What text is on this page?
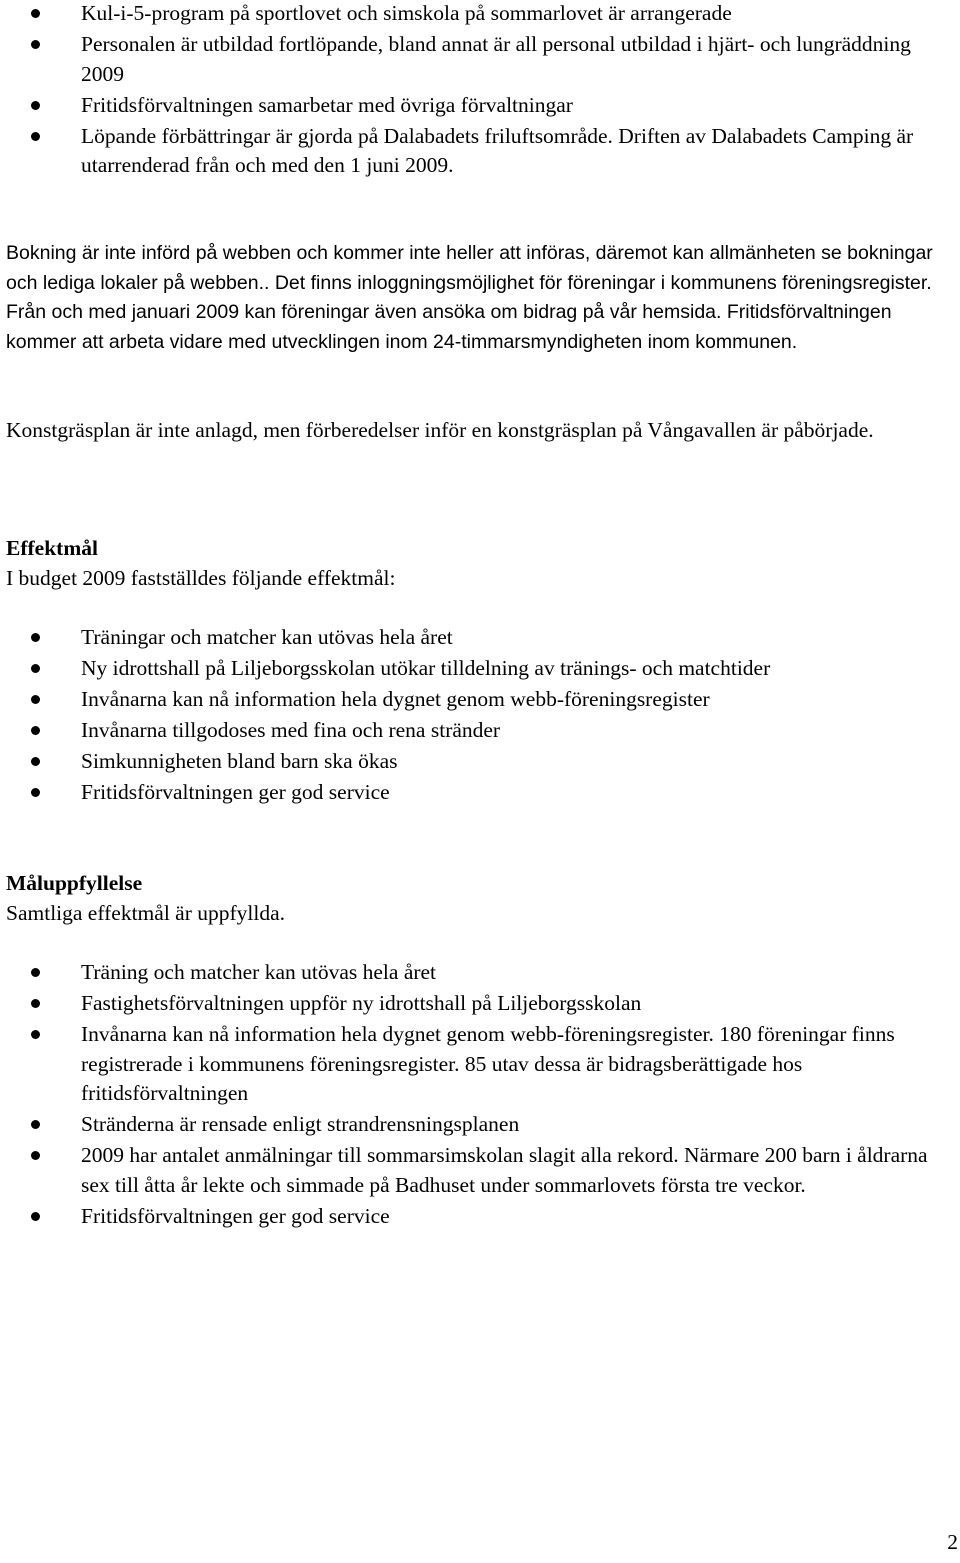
Kul-i-5-program på sportlovet och simskola på sommarlovet är arrangerade
Personalen är utbildad fortlöpande, bland annat är all personal utbildad i hjärt- och lungräddning 2009
Fritidsförvaltningen samarbetar med övriga förvaltningar
Löpande förbättringar är gjorda på Dalabadets friluftsområde. Driften av Dalabadets Camping är utarrenderad från och med den 1 juni 2009.

Bokning är inte införd på webben och kommer inte heller att införas, däremot kan allmänheten se bokningar och lediga lokaler på webben.. Det finns inloggningsmöjlighet för föreningar i kommunens föreningsregister. Från och med januari 2009 kan föreningar även ansöka om bidrag på vår hemsida. Fritidsförvaltningen kommer att arbeta vidare med utvecklingen inom 24-timmarsmyndigheten inom kommunen.

Konstgräsplan är inte anlagd, men förberedelser inför en konstgräsplan på Vångavallen är påbörjade.

Effektmål

I budget 2009 fastställdes följande effektmål:

Träningar och matcher kan utövas hela året
Ny idrottshall på Liljeborgsskolan utökar tilldelning av tränings- och matchtider
Invånarna kan nå information hela dygnet genom webb-föreningsregister
Invånarna tillgodoses med fina och rena stränder
Simkunnigheten bland barn ska ökas
Fritidsförvaltningen ger god service

Måluppfyllelse

Samtliga effektmål är uppfyllda.

Träning och matcher kan utövas hela året
Fastighetsförvaltningen uppför ny idrottshall på Liljeborgsskolan
Invånarna kan nå information hela dygnet genom webb-föreningsregister. 180 föreningar finns registrerade i kommunens föreningsregister. 85 utav dessa är bidragsberättigade hos fritidsförvaltningen
Stränderna är rensade enligt strandrensningsplanen
2009 har antalet anmälningar till sommarsimskolan slagit alla rekord. Närmare 200 barn i åldrarna sex till åtta år lekte och simmade på Badhuset under sommarlovets första tre veckor.
Fritidsförvaltningen ger god service
2
